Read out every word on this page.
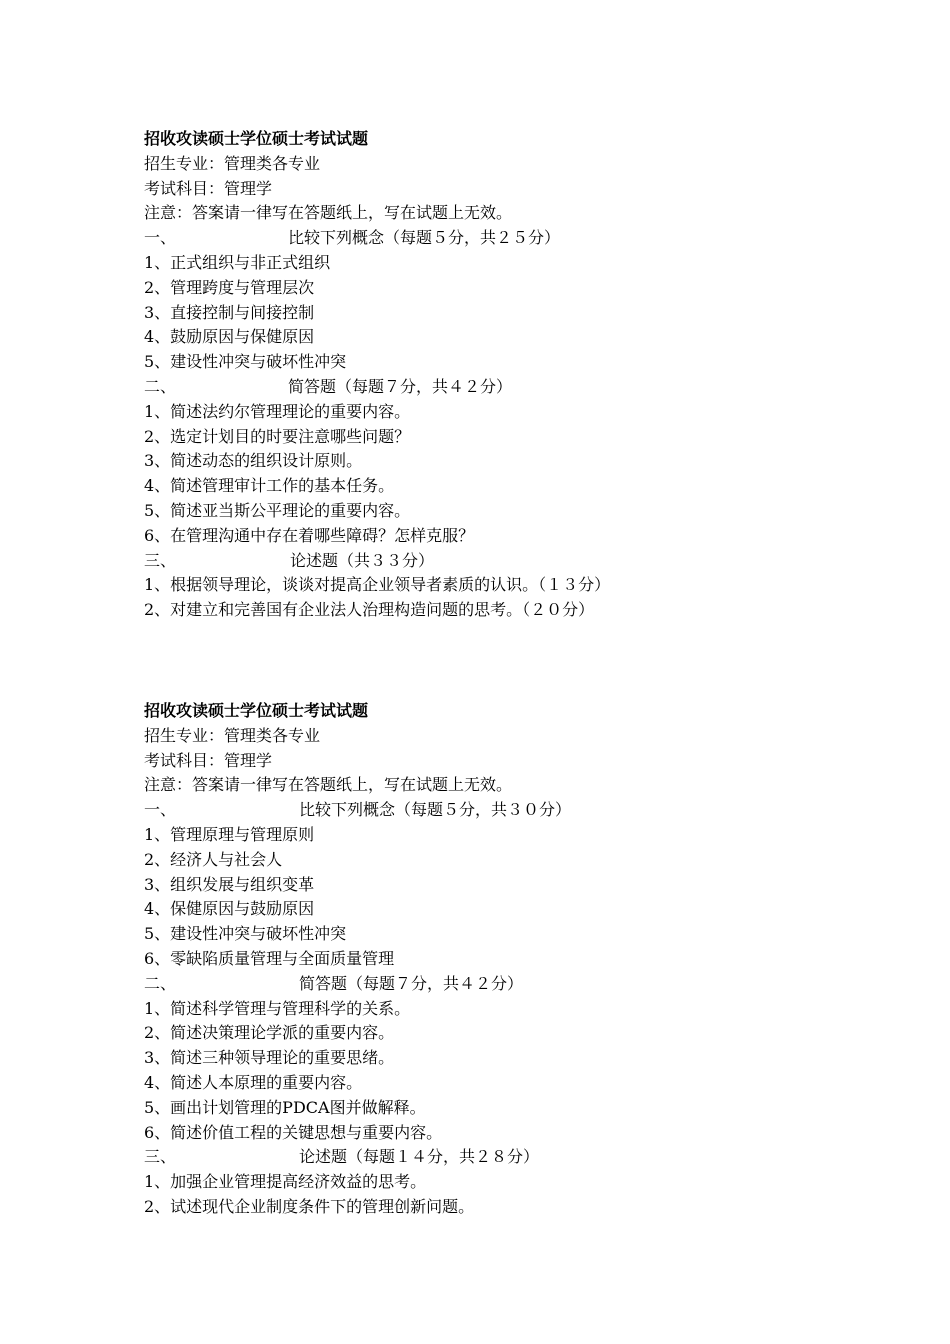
招收攻读硕士学位硕士考试试题
招生专业：管理类各专业
考试科目：管理学
注意：答案请一律写在答题纸上，写在试题上无效。
一、	比较下列概念（每题５分，共２５分）
1、正式组织与非正式组织
2、管理跨度与管理层次
3、直接控制与间接控制
4、鼓励原因与保健原因
5、建设性冲突与破坏性冲突
二、	简答题（每题７分，共４２分）
1、简述法约尔管理理论的重要内容。
2、选定计划目的时要注意哪些问题？
3、简述动态的组织设计原则。
4、简述管理审计工作的基本任务。
5、简述亚当斯公平理论的重要内容。
6、在管理沟通中存在着哪些障碍？怎样克服？
三、	论述题（共３３分）
1、根据领导理论，谈谈对提高企业领导者素质的认识。（１３分）
2、对建立和完善国有企业法人治理构造问题的思考。（２０分）
招收攻读硕士学位硕士考试试题
招生专业：管理类各专业
考试科目：管理学
注意：答案请一律写在答题纸上，写在试题上无效。
一、	比较下列概念（每题５分，共３０分）
1、管理原理与管理原则
2、经济人与社会人
3、组织发展与组织变革
4、保健原因与鼓励原因
5、建设性冲突与破坏性冲突
6、零缺陷质量管理与全面质量管理
二、	简答题（每题７分，共４２分）
1、简述科学管理与管理科学的关系。
2、简述决策理论学派的重要内容。
3、简述三种领导理论的重要思绪。
4、简述人本原理的重要内容。
5、画出计划管理的PDCA图并做解释。
6、简述价值工程的关键思想与重要内容。
三、	论述题（每题１４分，共２８分）
1、加强企业管理提高经济效益的思考。
2、试述现代企业制度条件下的管理创新问题。
